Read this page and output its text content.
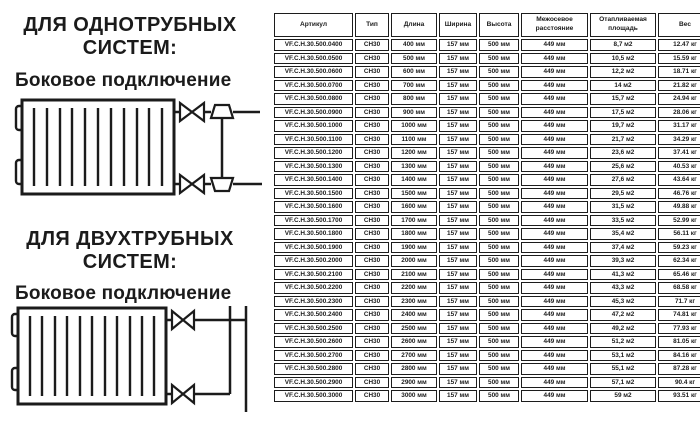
ДЛЯ ОДНОТРУБНЫХ
СИСТЕМ:
Боковое подключение
ДЛЯ ДВУХТРУБНЫХ
СИСТЕМ:
Боковое подключение
Артикул	Тип	Длина	Ширина	Высота	Межосевое расстояние	Отапливаемая площадь	Вес
VF.C.H.30.500.0400	CH30	400 мм	157 мм	500 мм	449 мм	8,7 м2	12.47 кг
VF.C.H.30.500.0500	CH30	500 мм	157 мм	500 мм	449 мм	10,5 м2	15.59 кг
VF.C.H.30.500.0600	CH30	600 мм	157 мм	500 мм	449 мм	12,2 м2	18.71 кг
VF.C.H.30.500.0700	CH30	700 мм	157 мм	500 мм	449 мм	14 м2	21.82 кг
VF.C.H.30.500.0800	CH30	800 мм	157 мм	500 мм	449 мм	15,7 м2	24.94 кг
VF.C.H.30.500.0900	CH30	900 мм	157 мм	500 мм	449 мм	17,5 м2	28.06 кг
VF.C.H.30.500.1000	CH30	1000 мм	157 мм	500 мм	449 мм	19,7 м2	31.17 кг
VF.C.H.30.500.1100	CH30	1100 мм	157 мм	500 мм	449 мм	21,7 м2	34.29 кг
VF.C.H.30.500.1200	CH30	1200 мм	157 мм	500 мм	449 мм	23,6 м2	37.41 кг
VF.C.H.30.500.1300	CH30	1300 мм	157 мм	500 мм	449 мм	25,6 м2	40.53 кг
VF.C.H.30.500.1400	CH30	1400 мм	157 мм	500 мм	449 мм	27,6 м2	43.64 кг
VF.C.H.30.500.1500	CH30	1500 мм	157 мм	500 мм	449 мм	29,5 м2	46.76 кг
VF.C.H.30.500.1600	CH30	1600 мм	157 мм	500 мм	449 мм	31,5 м2	49.88 кг
VF.C.H.30.500.1700	CH30	1700 мм	157 мм	500 мм	449 мм	33,5 м2	52.99 кг
VF.C.H.30.500.1800	CH30	1800 мм	157 мм	500 мм	449 мм	35,4 м2	56.11 кг
VF.C.H.30.500.1900	CH30	1900 мм	157 мм	500 мм	449 мм	37,4 м2	59.23 кг
VF.C.H.30.500.2000	CH30	2000 мм	157 мм	500 мм	449 мм	39,3 м2	62.34 кг
VF.C.H.30.500.2100	CH30	2100 мм	157 мм	500 мм	449 мм	41,3 м2	65.46 кг
VF.C.H.30.500.2200	CH30	2200 мм	157 мм	500 мм	449 мм	43,3 м2	68.58 кг
VF.C.H.30.500.2300	CH30	2300 мм	157 мм	500 мм	449 мм	45,3 м2	71.7 кг
VF.C.H.30.500.2400	CH30	2400 мм	157 мм	500 мм	449 мм	47,2 м2	74.81 кг
VF.C.H.30.500.2500	CH30	2500 мм	157 мм	500 мм	449 мм	49,2 м2	77.93 кг
VF.C.H.30.500.2600	CH30	2600 мм	157 мм	500 мм	449 мм	51,2 м2	81.05 кг
VF.C.H.30.500.2700	CH30	2700 мм	157 мм	500 мм	449 мм	53,1 м2	84.16 кг
VF.C.H.30.500.2800	CH30	2800 мм	157 мм	500 мм	449 мм	55,1 м2	87.28 кг
VF.C.H.30.500.2900	CH30	2900 мм	157 мм	500 мм	449 мм	57,1 м2	90.4 кг
VF.C.H.30.500.3000	CH30	3000 мм	157 мм	500 мм	449 мм	59 м2	93.51 кг
